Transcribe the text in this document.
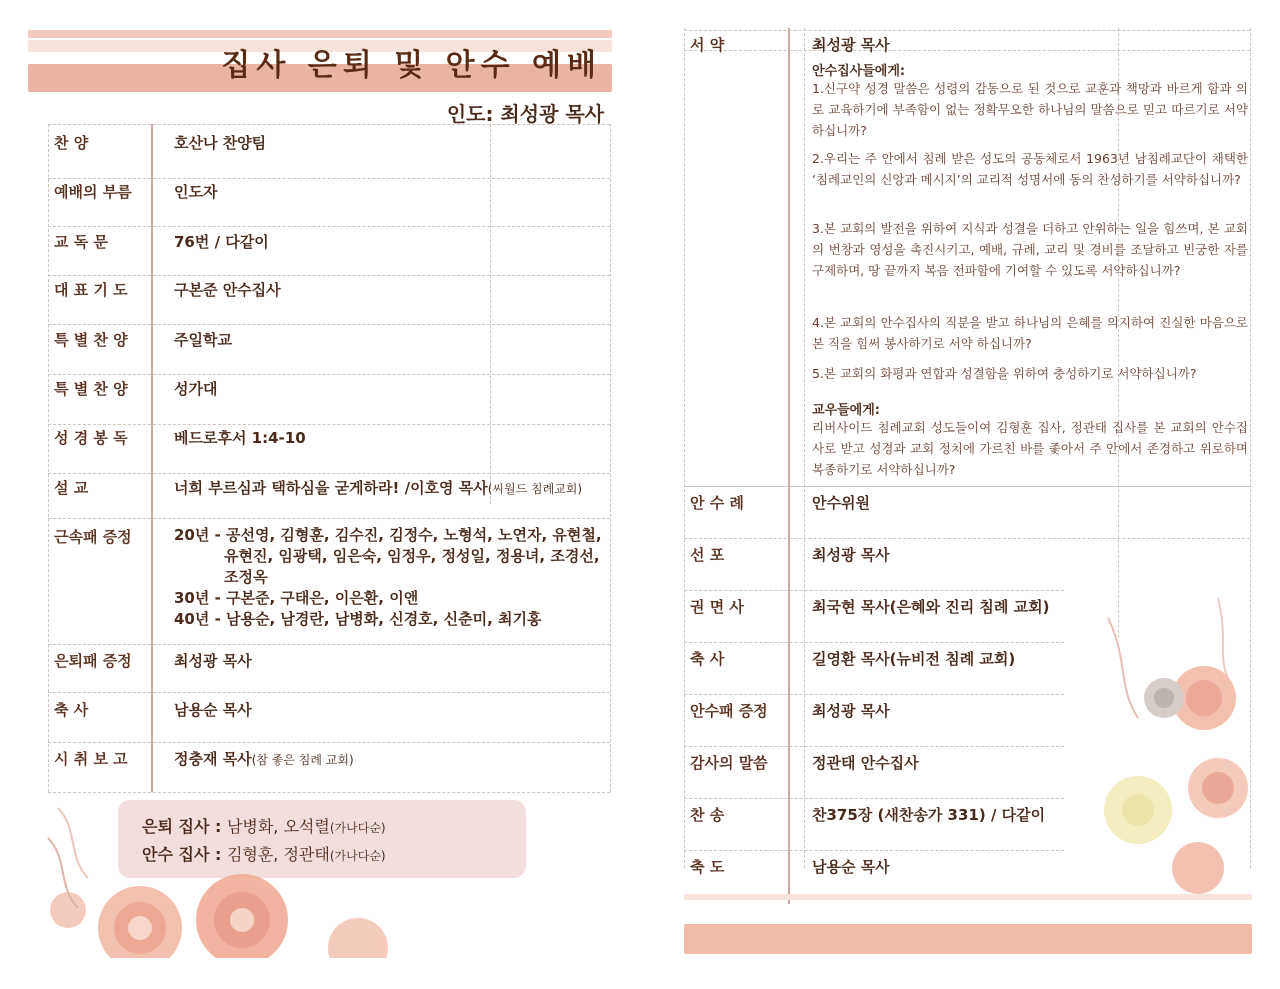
집사 은퇴 및 안수 예배
인도: 최성광 목사
찬 양	호산나 찬양팀
예배의 부름	인도자
교 독 문	76번 / 다같이
대 표 기 도	구본준 안수집사
특 별 찬 양	주일학교
특 별 찬 양	성가대
성 경 봉 독	베드로후서 1:4-10
설 교	너희 부르심과 택하심을 굳게하라! /이호영 목사(씨월드 침례교회)
근속패 증정	20년 - 공선영, 김형훈, 김수진, 김정수, 노형석, 노연자, 유현철,
유현진, 임광택, 임은숙, 임정우, 정성일, 정용녀, 조경선,
조정옥
30년 - 구본준, 구태은, 이은환, 이앤
40년 - 남용순, 남경란, 남병화, 신경호, 신춘미, 최기홍
은퇴패 증정	최성광 목사
축 사	남용순 목사
시 취 보 고	정충재 목사(참 좋은 침례 교회)
은퇴 집사 : 남병화, 오석렬(가나다순)
안수 집사 : 김형훈, 정관태(가나다순)
서 약	최성광 목사
안수집사들에게:
1.신구약 성경 말씀은 성령의 감동으로 된 것으로 교훈과 책망과 바르게 함과 의로 교육하기에 부족함이 없는 정확무오한 하나님의 말씀으로 믿고 따르기로 서약하십니까?
2.우리는 주 안에서 침례 받은 성도의 공동체로서 1963년 남침례교단이 채택한 ‘침례교인의 신앙과 메시지’의 교리적 성명서에 동의 찬성하기를 서약하십니까?
3.본 교회의 발전을 위하여 지식과 성결을 더하고 안위하는 일을 힘쓰며, 본 교회의 번창과 영성을 촉진시키고, 예배, 규례, 교리 및 경비를 조달하고 빈궁한 자를 구제하며, 땅 끝까지 복음 전파함에 기여할 수 있도록 서약하십니까?
4.본 교회의 안수집사의 직분을 받고 하나님의 은혜를 의지하여 진실한 마음으로 본 직을 힘써 봉사하기로 서약 하십니까?
5.본 교회의 화평과 연합과 성결함을 위하여 충성하기로 서약하십니까?
교우들에게:
리버사이드 침례교회 성도들이여 김형훈 집사, 정관태 집사를 본 교회의 안수집사로 받고 성경과 교회 정치에 가르친 바를 좇아서 주 안에서 존경하고 위로하며 복종하기로 서약하십니까?
안 수 례	안수위원
선 포	최성광 목사
권 면 사	최국현 목사(은혜와 진리 침례 교회)
축 사	길영환 목사(뉴비전 침례 교회)
안수패 증정	최성광 목사
감사의 말씀	정관태 안수집사
찬 송	찬375장 (새찬송가 331) / 다같이
축 도	남용순 목사
